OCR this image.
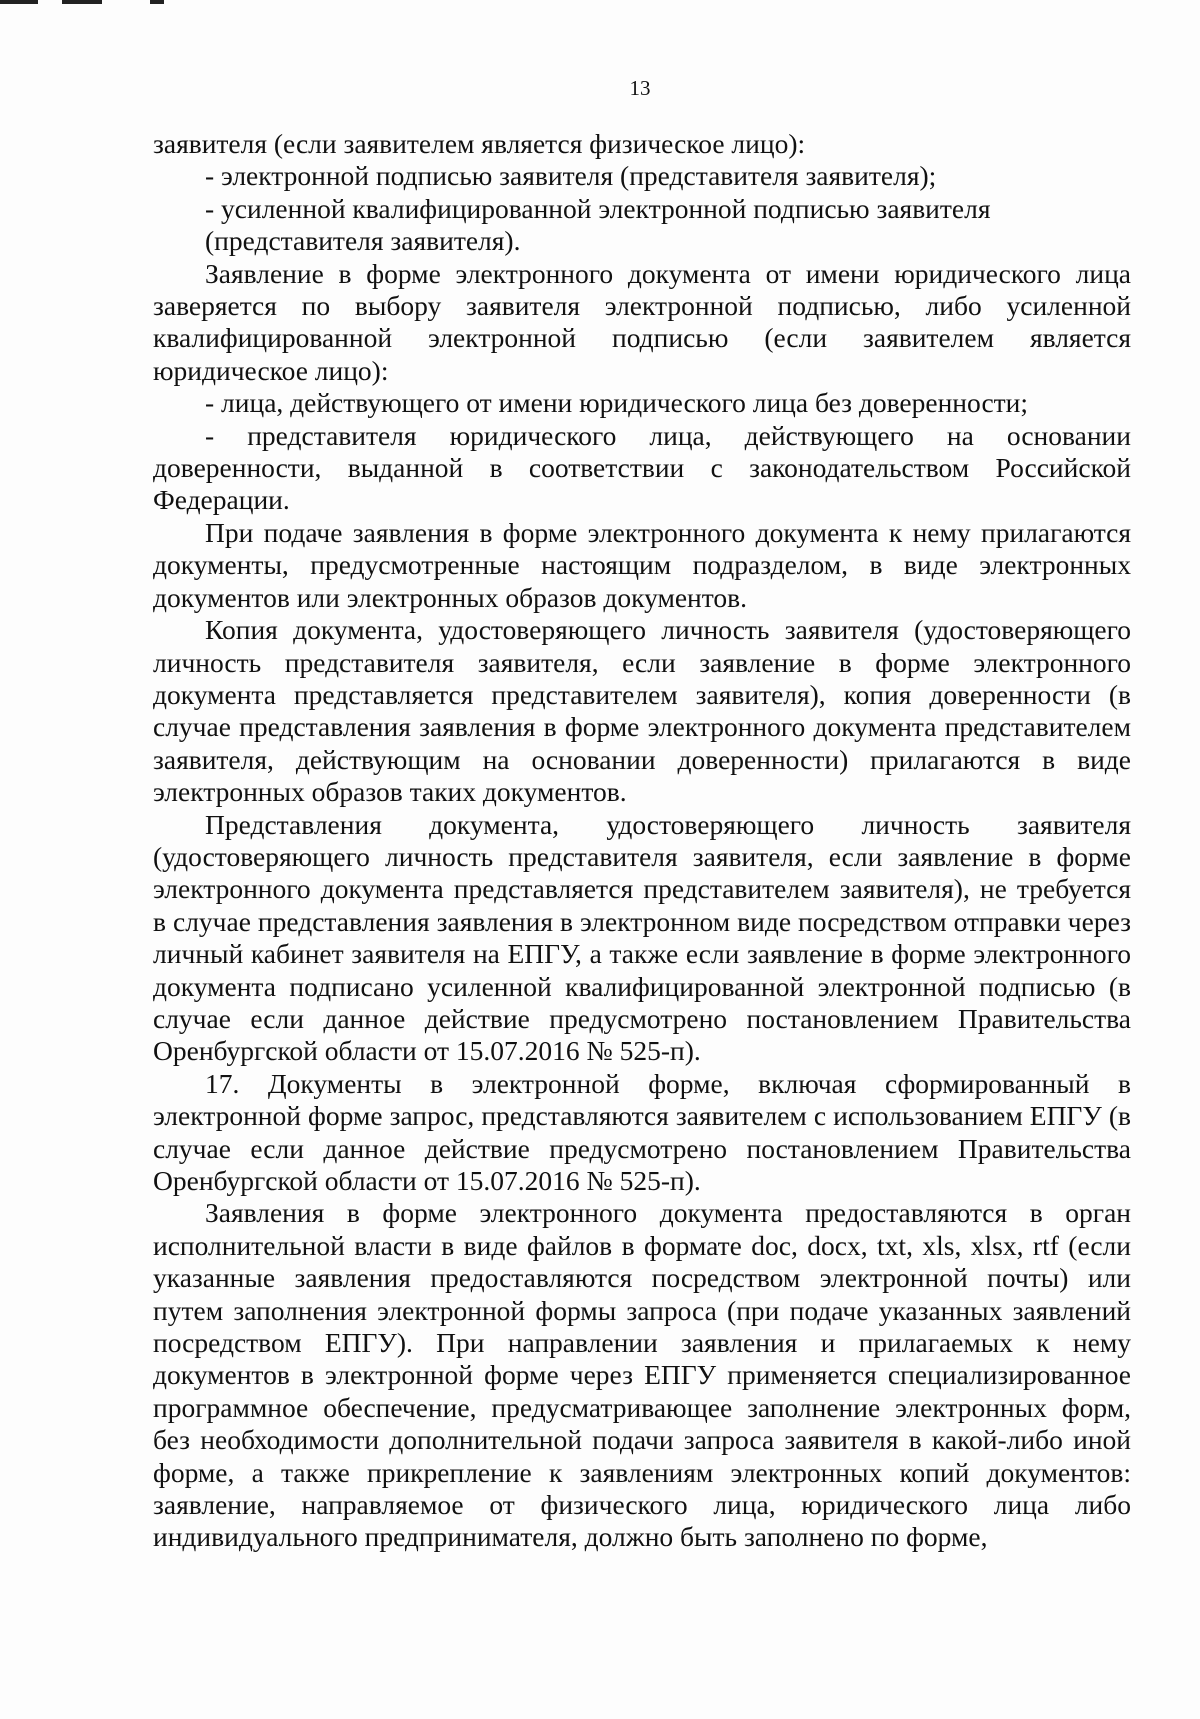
13

заявителя (если заявителем является физическое лицо):

- электронной подписью заявителя (представителя заявителя);

- усиленной квалифицированной электронной подписью заявителя

(представителя заявителя).

Заявление в форме электронного документа от имени юридического лица заверяется по выбору заявителя электронной подписью, либо усиленной квалифицированной электронной подписью (если заявителем является юридическое лицо):

- лица, действующего от имени юридического лица без доверенности;

- представителя юридического лица, действующего на основании доверенности, выданной в соответствии с законодательством Российской Федерации.

При подаче заявления в форме электронного документа к нему прилагаются документы, предусмотренные настоящим подразделом, в виде электронных документов или электронных образов документов.

Копия документа, удостоверяющего личность заявителя (удостоверяющего личность представителя заявителя, если заявление в форме электронного документа представляется представителем заявителя), копия доверенности (в случае представления заявления в форме электронного документа представителем заявителя, действующим на основании доверенности) прилагаются в виде электронных образов таких документов.

Представления документа, удостоверяющего личность заявителя (удостоверяющего личность представителя заявителя, если заявление в форме электронного документа представляется представителем заявителя), не требуется в случае представления заявления в электронном виде посредством отправки через личный кабинет заявителя на ЕПГУ, а также если заявление в форме электронного документа подписано усиленной квалифицированной электронной подписью (в случае если данное действие предусмотрено постановлением Правительства Оренбургской области от 15.07.2016 № 525-п).

17. Документы в электронной форме, включая сформированный в электронной форме запрос, представляются заявителем с использованием ЕПГУ (в случае если данное действие предусмотрено постановлением Правительства Оренбургской области от 15.07.2016 № 525-п).

Заявления в форме электронного документа предоставляются в орган исполнительной власти в виде файлов в формате doc, docx, txt, xls, xlsx, rtf (если указанные заявления предоставляются посредством электронной почты) или путем заполнения электронной формы запроса (при подаче указанных заявлений посредством ЕПГУ). При направлении заявления и прилагаемых к нему документов в электронной форме через ЕПГУ применяется специализированное программное обеспечение, предусматривающее заполнение электронных форм, без необходимости дополнительной подачи запроса заявителя в какой-либо иной форме, а также прикрепление к заявлениям электронных копий документов: заявление, направляемое от физического лица, юридического лица либо индивидуального предпринимателя, должно быть заполнено по форме,
